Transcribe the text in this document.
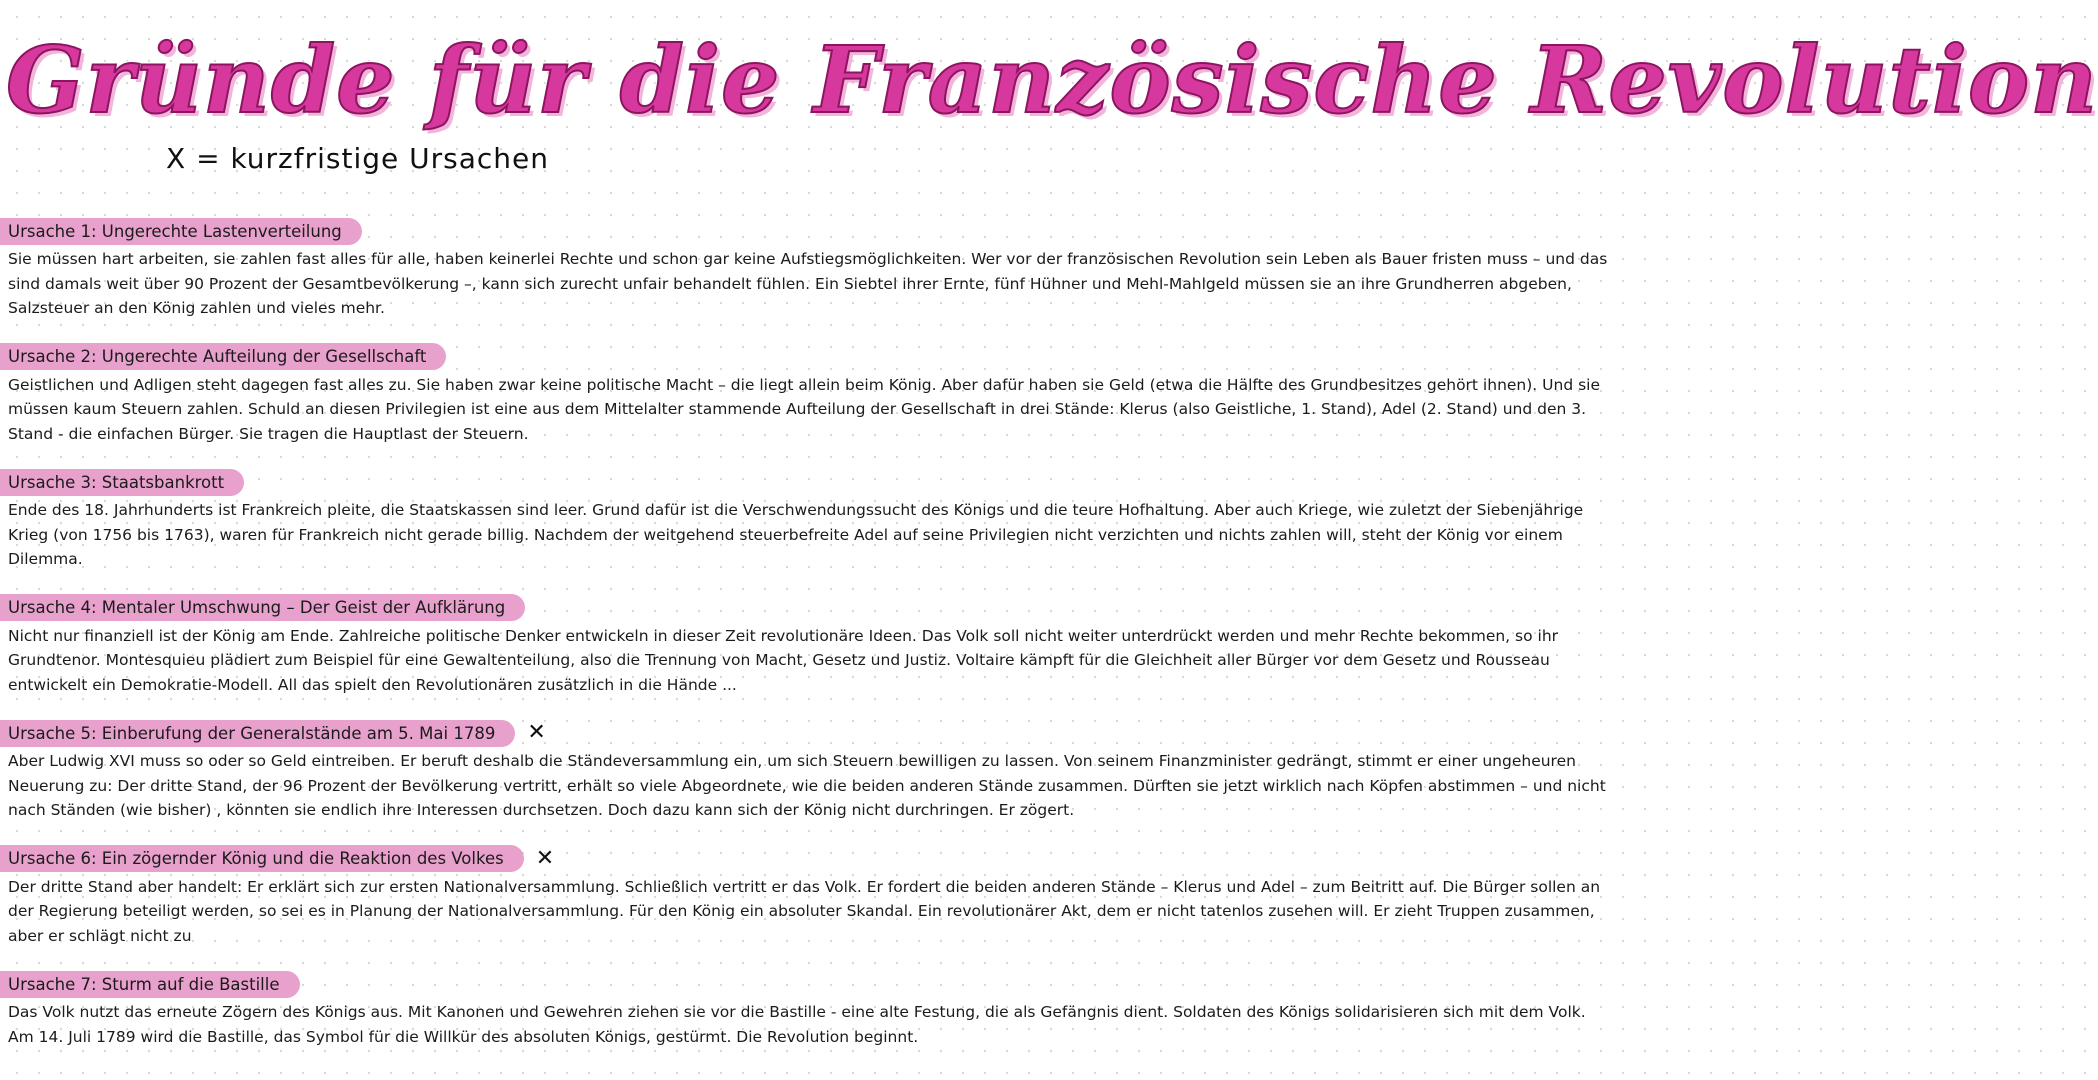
Gründe für die Französische Revolution
X = kurzfristige Ursachen
Ursache 1: Ungerechte Lastenverteilung

Sie müssen hart arbeiten, sie zahlen fast alles für alle, haben keinerlei Rechte und schon gar keine Aufstiegsmöglichkeiten. Wer vor der französischen Revolution sein Leben als Bauer fristen muss – und das sind damals weit über 90 Prozent der Gesamtbevölkerung –, kann sich zurecht unfair behandelt fühlen. Ein Siebtel ihrer Ernte, fünf Hühner und Mehl-Mahlgeld müssen sie an ihre Grundherren abgeben, Salzsteuer an den König zahlen und vieles mehr.

Ursache 2: Ungerechte Aufteilung der Gesellschaft

Geistlichen und Adligen steht dagegen fast alles zu. Sie haben zwar keine politische Macht – die liegt allein beim König. Aber dafür haben sie Geld (etwa die Hälfte des Grundbesitzes gehört ihnen). Und sie müssen kaum Steuern zahlen. Schuld an diesen Privilegien ist eine aus dem Mittelalter stammende Aufteilung der Gesellschaft in drei Stände: Klerus (also Geistliche, 1. Stand), Adel (2. Stand) und den 3. Stand - die einfachen Bürger. Sie tragen die Hauptlast der Steuern.

Ursache 3: Staatsbankrott

Ende des 18. Jahrhunderts ist Frankreich pleite, die Staatskassen sind leer. Grund dafür ist die Verschwendungssucht des Königs und die teure Hofhaltung. Aber auch Kriege, wie zuletzt der Siebenjährige Krieg (von 1756 bis 1763), waren für Frankreich nicht gerade billig. Nachdem der weitgehend steuerbefreite Adel auf seine Privilegien nicht verzichten und nichts zahlen will, steht der König vor einem Dilemma.

Ursache 4: Mentaler Umschwung – Der Geist der Aufklärung

Nicht nur finanziell ist der König am Ende. Zahlreiche politische Denker entwickeln in dieser Zeit revolutionäre Ideen. Das Volk soll nicht weiter unterdrückt werden und mehr Rechte bekommen, so ihr Grundtenor. Montesquieu plädiert zum Beispiel für eine Gewaltenteilung, also die Trennung von Macht, Gesetz und Justiz. Voltaire kämpft für die Gleichheit aller Bürger vor dem Gesetz und Rousseau entwickelt ein Demokratie-Modell. All das spielt den Revolutionären zusätzlich in die Hände ...

Ursache 5: Einberufung der Generalstände am 5. Mai 1789	✕

Aber Ludwig XVI muss so oder so Geld eintreiben. Er beruft deshalb die Ständeversammlung ein, um sich Steuern bewilligen zu lassen. Von seinem Finanzminister gedrängt, stimmt er einer ungeheuren Neuerung zu: Der dritte Stand, der 96 Prozent der Bevölkerung vertritt, erhält so viele Abgeordnete, wie die beiden anderen Stände zusammen. Dürften sie jetzt wirklich nach Köpfen abstimmen – und nicht nach Ständen (wie bisher) , könnten sie endlich ihre Interessen durchsetzen. Doch dazu kann sich der König nicht durchringen. Er zögert.

Ursache 6: Ein zögernder König und die Reaktion des Volkes	✕

Der dritte Stand aber handelt: Er erklärt sich zur ersten Nationalversammlung. Schließlich vertritt er das Volk. Er fordert die beiden anderen Stände – Klerus und Adel – zum Beitritt auf. Die Bürger sollen an der Regierung beteiligt werden, so sei es in Planung der Nationalversammlung. Für den König ein absoluter Skandal. Ein revolutionärer Akt, dem er nicht tatenlos zusehen will. Er zieht Truppen zusammen, aber er schlägt nicht zu

Ursache 7: Sturm auf die Bastille

Das Volk nutzt das erneute Zögern des Königs aus. Mit Kanonen und Gewehren ziehen sie vor die Bastille - eine alte Festung, die als Gefängnis dient. Soldaten des Königs solidarisieren sich mit dem Volk. Am 14. Juli 1789 wird die Bastille, das Symbol für die Willkür des absoluten Königs, gestürmt. Die Revolution beginnt.
